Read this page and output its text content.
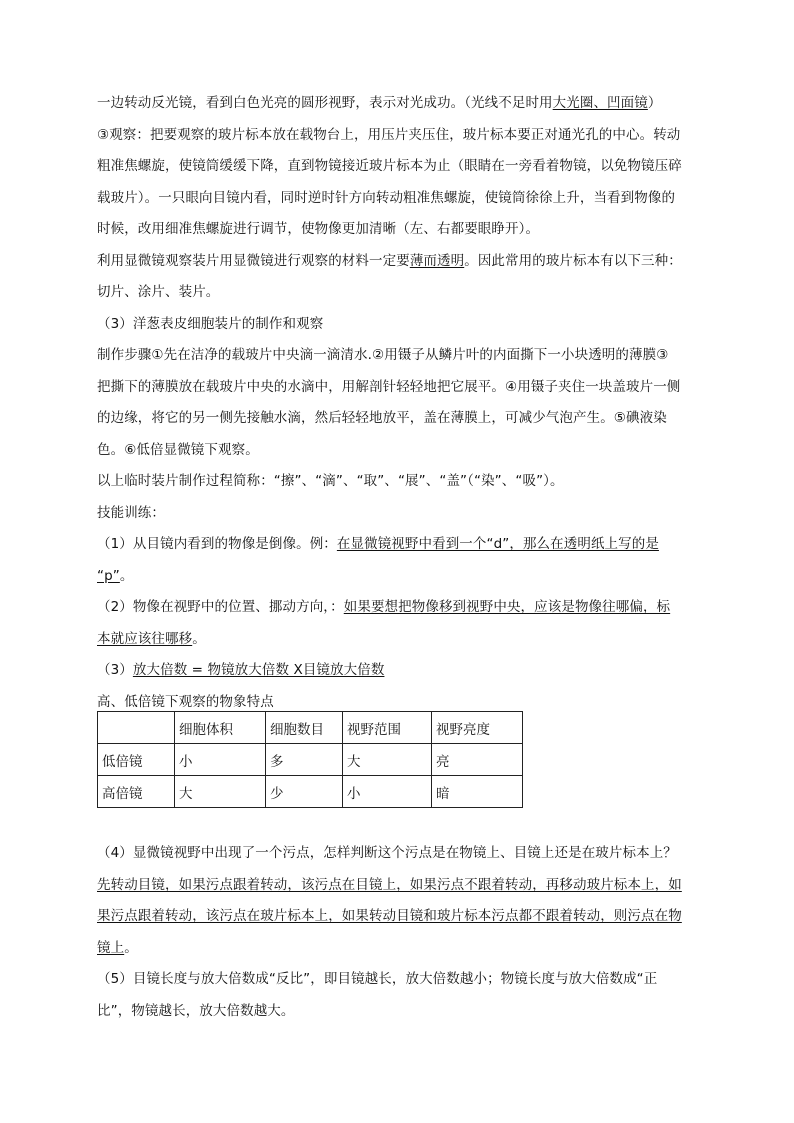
一边转动反光镜，看到白色光亮的圆形视野，表示对光成功。（光线不足时用大光圈、凹面镜）
③观察：把要观察的玻片标本放在载物台上，用压片夹压住，玻片标本要正对通光孔的中心。转动
粗准焦螺旋，使镜筒缓缓下降，直到物镜接近玻片标本为止（眼睛在一旁看着物镜，以免物镜压碎
载玻片）。一只眼向目镜内看，同时逆时针方向转动粗准焦螺旋，使镜筒徐徐上升，当看到物像的
时候，改用细准焦螺旋进行调节，使物像更加清晰（左、右都要眼睁开）。
利用显微镜观察装片用显微镜进行观察的材料一定要薄而透明。因此常用的玻片标本有以下三种：
切片、涂片、装片。
（3）洋葱表皮细胞装片的制作和观察
制作步骤①先在洁净的载玻片中央滴一滴清水.②用镊子从鳞片叶的内面撕下一小块透明的薄膜③
把撕下的薄膜放在载玻片中央的水滴中，用解剖针轻轻地把它展平。④用镊子夹住一块盖玻片一侧
的边缘，将它的另一侧先接触水滴，然后轻轻地放平，盖在薄膜上，可减少气泡产生。⑤碘液染
色。⑥低倍显微镜下观察。
以上临时装片制作过程简称：“擦”、“滴”、“取”、“展”、“盖”（“染”、“吸”）。
技能训练：
（1）从目镜内看到的物像是倒像。例：在显微镜视野中看到一个“d”，那么在透明纸上写的是
“p”。
（2）物像在视野中的位置、挪动方向，：如果要想把物像移到视野中央，应该是物像往哪偏，标
本就应该往哪移。
（3）放大倍数 = 物镜放大倍数 X目镜放大倍数
高、低倍镜下观察的物象特点
	细胞体积	细胞数目	视野范围	视野亮度
低倍镜	小	多	大	亮
高倍镜	大	少	小	暗
（4）显微镜视野中出现了一个污点，怎样判断这个污点是在物镜上、目镜上还是在玻片标本上？
先转动目镜，如果污点跟着转动，该污点在目镜上，如果污点不跟着转动，再移动玻片标本上，如
果污点跟着转动，该污点在玻片标本上，如果转动目镜和玻片标本污点都不跟着转动，则污点在物
镜上。
（5）目镜长度与放大倍数成“反比”，即目镜越长，放大倍数越小；物镜长度与放大倍数成“正
比”，物镜越长，放大倍数越大。
